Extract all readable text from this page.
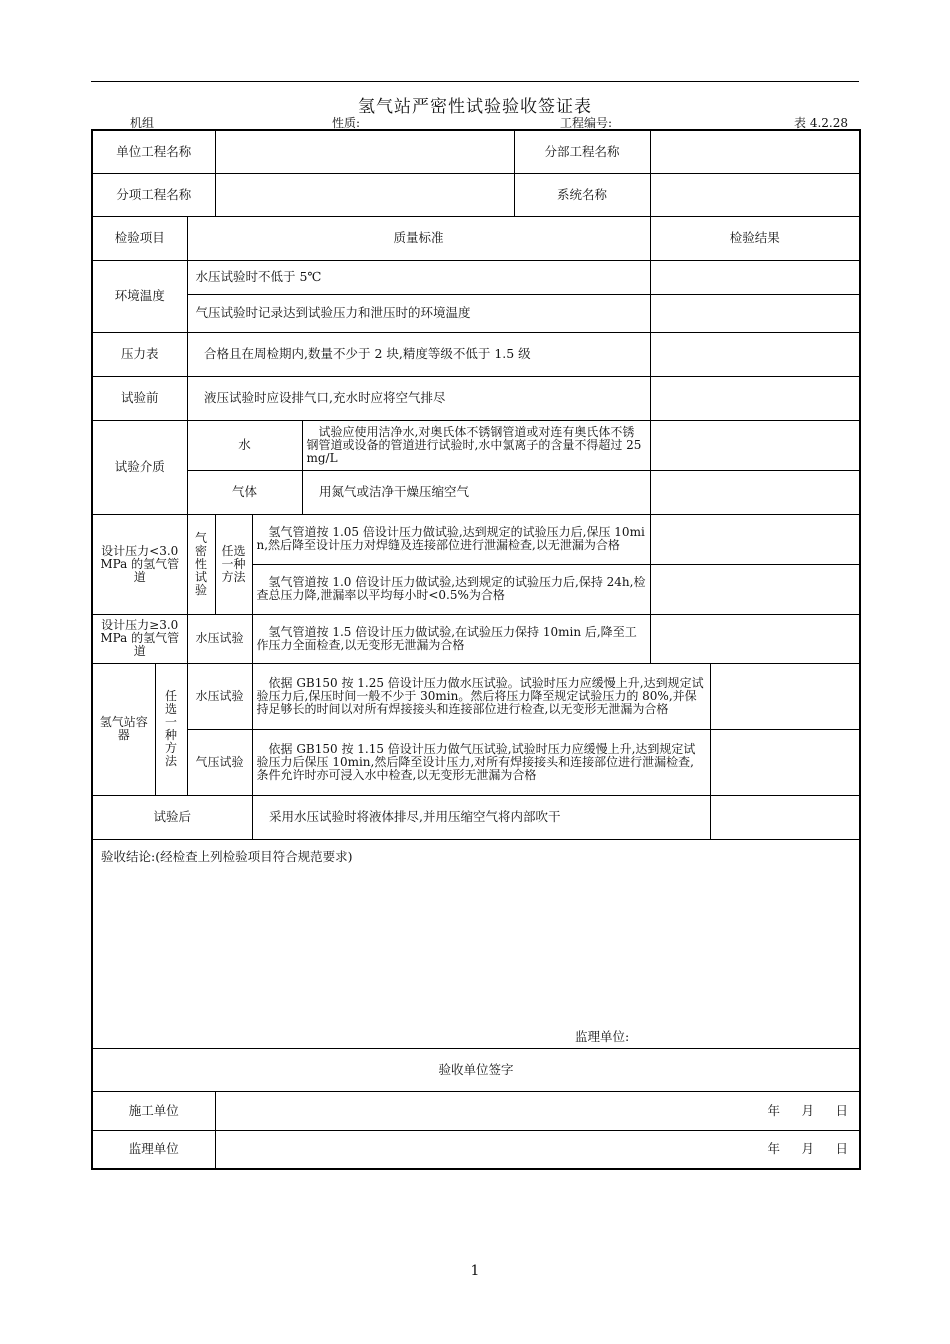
氢气站严密性试验验收签证表
____机组	性质:	工程编号:	表 4.2.28
单位工程名称						分部工程名称		
分项工程名称						系统名称		
检验项目		质量标准					检验结果	
环境温度		水压试验时不低于 5℃						
		气压试验时记录达到试验压力和泄压时的环境温度						
压力表		合格且在周检期内,数量不少于 2 块,精度等级不低于 1.5 级						
试验前		液压试验时应设排气口,充水时应将空气排尽						
试验介质		水			试验应使用洁净水,对奥氏体不锈钢管道或对连有奥氏体不锈钢管道或设备的管道进行试验时,水中氯离子的含量不得超过 25mg/L			
		气体			用氮气或洁净干燥压缩空气			
设计压力<3.0 MPa 的氢气管道		气密性试验	任选一种方法	氢气管道按 1.05 倍设计压力做试验,达到规定的试验压力后,保压 10min,然后降至设计压力对焊缝及连接部位进行泄漏检查,以无泄漏为合格				
				氢气管道按 1.0 倍设计压力做试验,达到规定的试验压力后,保持 24h,检查总压力降,泄漏率以平均每小时<0.5%为合格				
设计压力≥3.0 MPa 的氢气管道		水压试验		氢气管道按 1.5 倍设计压力做试验,在试验压力保持 10min 后,降至工作压力全面检查,以无变形无泄漏为合格				
氢气站容器	任选一种方法	水压试验		依据 GB150 按 1.25 倍设计压力做水压试验。试验时压力应缓慢上升,达到规定试验压力后,保压时间一般不少于 30min。然后将压力降至规定试验压力的 80%,并保持足够长的时间以对所有焊接接头和连接部位进行检查,以无变形无泄漏为合格				
		气压试验		依据 GB150 按 1.15 倍设计压力做气压试验,试验时压力应缓慢上升,达到规定试验压力后保压 10min,然后降至设计压力,对所有焊接接头和连接部位进行泄漏检查,条件允许时亦可浸入水中检查,以无变形无泄漏为合格				
试验后				采用水压试验时将液体排尽,并用压缩空气将内部吹干				
验收结论:(经检查上列检验项目符合规范要求)
监理单位:								

验收单位签字								
施工单位			年 月 日					
监理单位			年 月 日					
1
